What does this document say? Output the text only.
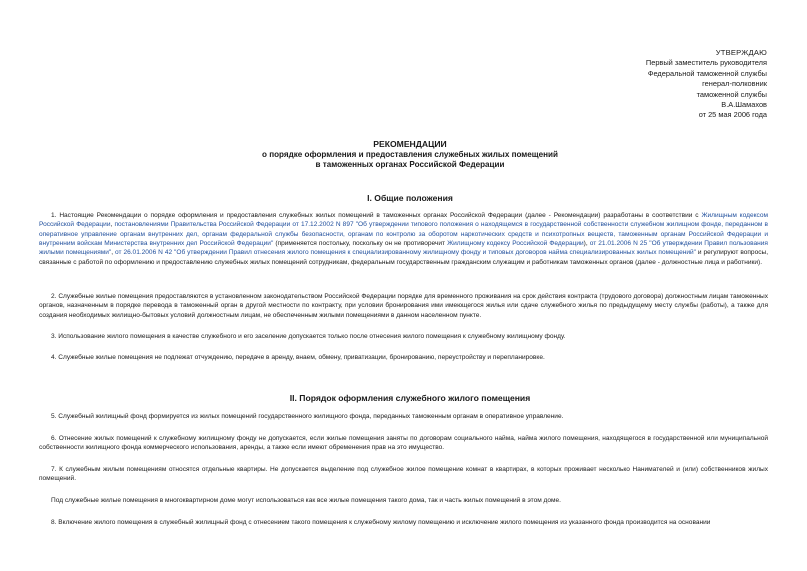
УТВЕРЖДАЮ
Первый заместитель руководителя
Федеральной таможенной службы
генерал-полковник
таможенной службы
В.А.Шамахов
от 25 мая 2006 года
РЕКОМЕНДАЦИИ
о порядке оформления и предоставления служебных жилых помещений
в таможенных органах Российской Федерации
I. Общие положения
1. Настоящие Рекомендации о порядке оформления и предоставления служебных жилых помещений в таможенных органах Российской Федерации (далее - Рекомендации) разработаны в соответствии с Жилищным кодексом Российской Федерации, постановлениями Правительства Российской Федерации от 17.12.2002 N 897 "Об утверждении типового положения о находящемся в государственной собственности служебном жилищном фонде, переданном в оперативное управление органам внутренних дел, органам федеральной службы безопасности, органам по контролю за оборотом наркотических средств и психотропных веществ, таможенным органам Российской Федерации и внутренним войскам Министерства внутренних дел Российской Федерации" (применяется постольку, поскольку он не противоречит Жилищному кодексу Российской Федерации), от 21.01.2006 N 25 "Об утверждении Правил пользования жилыми помещениями", от 26.01.2006 N 42 "Об утверждении Правил отнесения жилого помещения к специализированному жилищному фонду и типовых договоров найма специализированных жилых помещений" и регулируют вопросы, связанные с работой по оформлению и предоставлению служебных жилых помещений сотрудникам, федеральным государственным гражданским служащим и работникам таможенных органов (далее - должностные лица и работники).
2. Служебные жилые помещения предоставляются в установленном законодательством Российской Федерации порядке для временного проживания на срок действия контракта (трудового договора) должностным лицам таможенных органов, назначенным в порядке перевода в таможенный орган в другой местности по контракту, при условии бронирования ими имеющегося жилья или сдаче служебного жилья по предыдущему месту службы (работы), а также для создания необходимых жилищно-бытовых условий должностным лицам, не обеспеченным жилыми помещениями в данном населенном пункте.
3. Использование жилого помещения в качестве служебного и его заселение допускается только после отнесения жилого помещения к служебному жилищному фонду.
4. Служебные жилые помещения не подлежат отчуждению, передаче в аренду, внаем, обмену, приватизации, бронированию, переустройству и перепланировке.
II. Порядок оформления служебного жилого помещения
5. Служебный жилищный фонд формируется из жилых помещений государственного жилищного фонда, переданных таможенным органам в оперативное управление.
6. Отнесение жилых помещений к служебному жилищному фонду не допускается, если жилые помещения заняты по договорам социального найма, найма жилого помещения, находящегося в государственной или муниципальной собственности жилищного фонда коммерческого использования, аренды, а также если имеют обременения прав на это имущество.
7. К служебным жилым помещениям относятся отдельные квартиры. Не допускается выделение под служебное жилое помещение комнат в квартирах, в которых проживает несколько Нанимателей и (или) собственников жилых помещений.
Под служебные жилые помещения в многоквартирном доме могут использоваться как все жилые помещения такого дома, так и часть жилых помещений в этом доме.
8. Включение жилого помещения в служебный жилищный фонд с отнесением такого помещения к служебному жилому помещению и исключение жилого помещения из указанного фонда производится на основании
